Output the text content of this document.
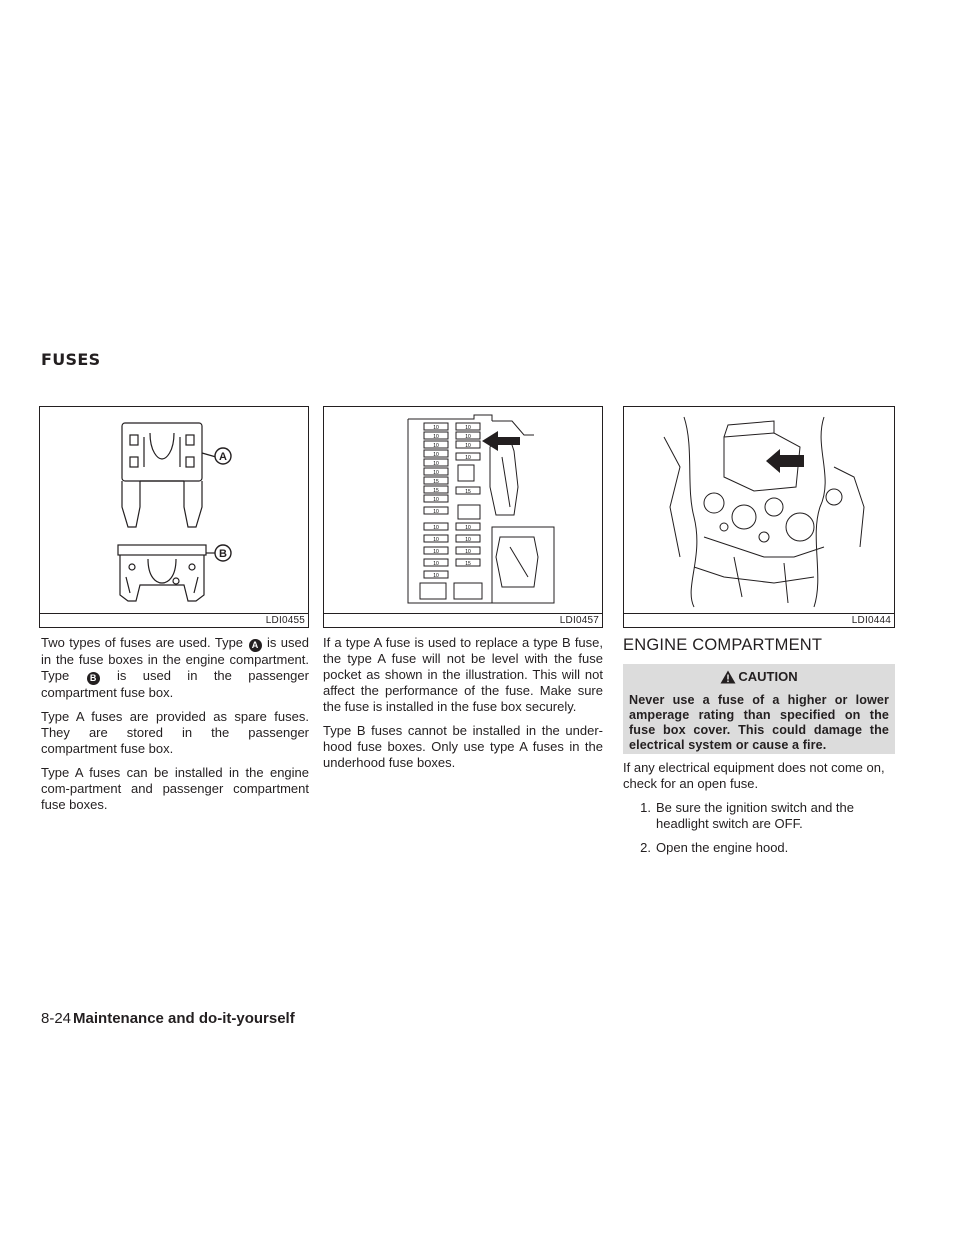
FUSES
A
B
LDI0455
10
10
10
10
10
10
15
15
10
10
10
10
10
10
10
10
10
10
10
15
10
10
10
15
LDI0457	LDI0444

Two types of fuses are used. Type A is used in the fuse boxes in the engine compartment. Type B is used in the passenger compartment fuse box.

Type A fuses are provided as spare fuses. They are stored in the passenger compartment fuse box.

Type A fuses can be installed in the engine com-partment and passenger compartment fuse boxes.

If a type A fuse is used to replace a type B fuse, the type A fuse will not be level with the fuse pocket as shown in the illustration. This will not affect the performance of the fuse. Make sure the fuse is installed in the fuse box securely.

Type B fuses cannot be installed in the under-hood fuse boxes. Only use type A fuses in the underhood fuse boxes.

ENGINE COMPARTMENT
CAUTION
Never use a fuse of a higher or lower amperage rating than specified on the fuse box cover. This could damage the electrical system or cause a fire.

If any electrical equipment does not come on, check for an open fuse.

1. Be sure the ignition switch and the headlight switch are OFF.
2. Open the engine hood.
8-24 Maintenance and do-it-yourself
